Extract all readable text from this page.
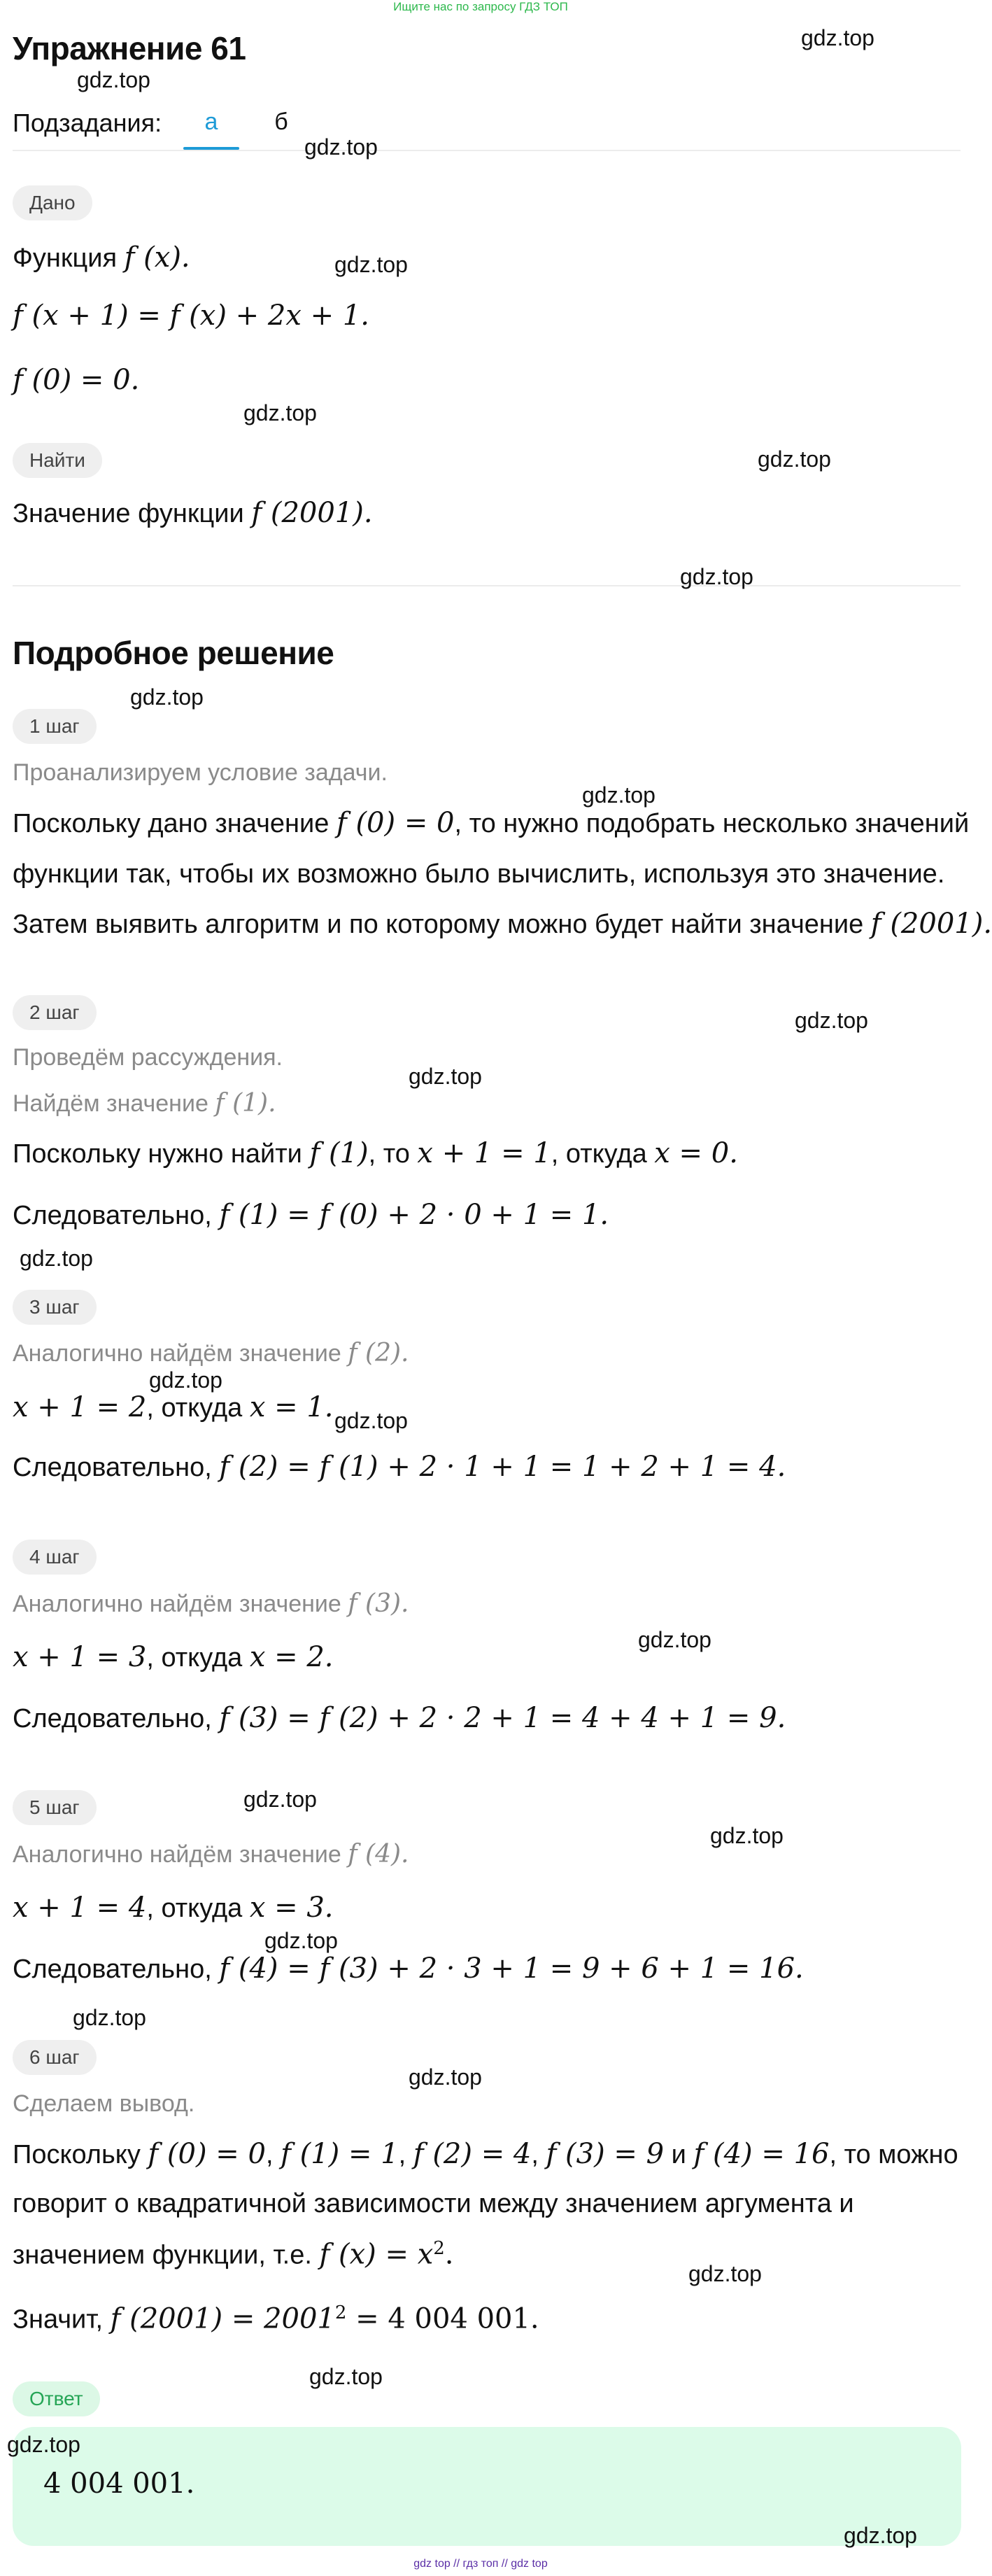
Ищите нас по запросу ГДЗ ТОП
Упражнение 61
Подзадания:	а	б
Дано
Функция f (x).
f (x + 1) = f (x) + 2x + 1.
f (0) = 0.
Найти
Значение функции f (2001).
Подробное решение
1 шаг
Проанализируем условие задачи.
Поскольку дано значение f (0) = 0, то нужно подобрать несколько значений
функции так, чтобы их возможно было вычислить, используя это значение.
Затем выявить алгоритм и по которому можно будет найти значение f (2001).
2 шаг
Проведём рассуждения.
Найдём значение f (1).
Поскольку нужно найти f (1), то x + 1 = 1, откуда x = 0.
Следовательно, f (1) = f (0) + 2 · 0 + 1 = 1.
3 шаг
Аналогично найдём значение f (2).
x + 1 = 2, откуда x = 1.
Следовательно, f (2) = f (1) + 2 · 1 + 1 = 1 + 2 + 1 = 4.
4 шаг
Аналогично найдём значение f (3).
x + 1 = 3, откуда x = 2.
Следовательно, f (3) = f (2) + 2 · 2 + 1 = 4 + 4 + 1 = 9.
5 шаг
Аналогично найдём значение f (4).
x + 1 = 4, откуда x = 3.
Следовательно, f (4) = f (3) + 2 · 3 + 1 = 9 + 6 + 1 = 16.
6 шаг
Сделаем вывод.
Поскольку f (0) = 0, f (1) = 1, f (2) = 4, f (3) = 9 и f (4) = 16, то можно
говорит о квадратичной зависимости между значением аргумента и
значением функции, т.е. f $(x) = x^2$.
Значит, f $(2001) = 2001^2 = 4$ 004 001.
Ответ
4 004 001.
gdz.top
gdz.top
gdz.top
gdz.top
gdz.top
gdz.top
gdz.top
gdz.top
gdz.top
gdz.top
gdz.top
gdz.top
gdz.top
gdz.top
gdz.top
gdz.top
gdz.top
gdz.top
gdz.top
gdz.top
gdz.top
gdz.top
gdz.top
gdz.top
gdz top // гдз топ // gdz top
